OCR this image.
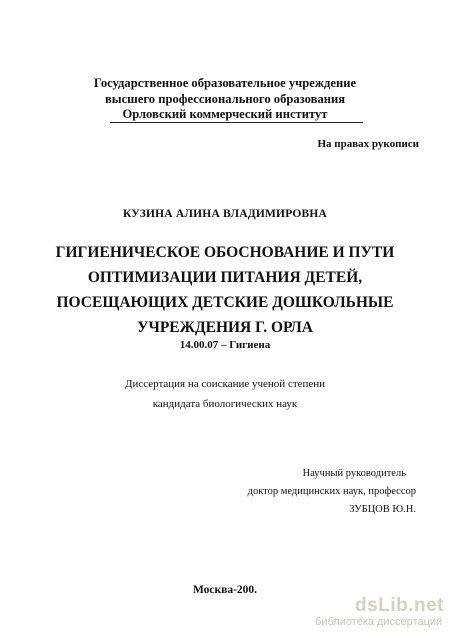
Государственное образовательное учреждение
высшего профессионального образования
Орловский коммерческий институт
На правах рукописи
КУЗИНА АЛИНА ВЛАДИМИРОВНА
ГИГИЕНИЧЕСКОЕ ОБОСНОВАНИЕ И ПУТИ
ОПТИМИЗАЦИИ ПИТАНИЯ ДЕТЕЙ,
ПОСЕЩАЮЩИХ ДЕТСКИЕ ДОШКОЛЬНЫЕ
УЧРЕЖДЕНИЯ Г. ОРЛА
14.00.07 – Гигиена
Диссертация на соискание ученой степени
кандидата биологических наук
Научный руководитель
доктор медицинских наук, профессор
ЗУБЦОВ Ю.Н.
Москва-200.
dsLib.net
библиотека диссертаций
